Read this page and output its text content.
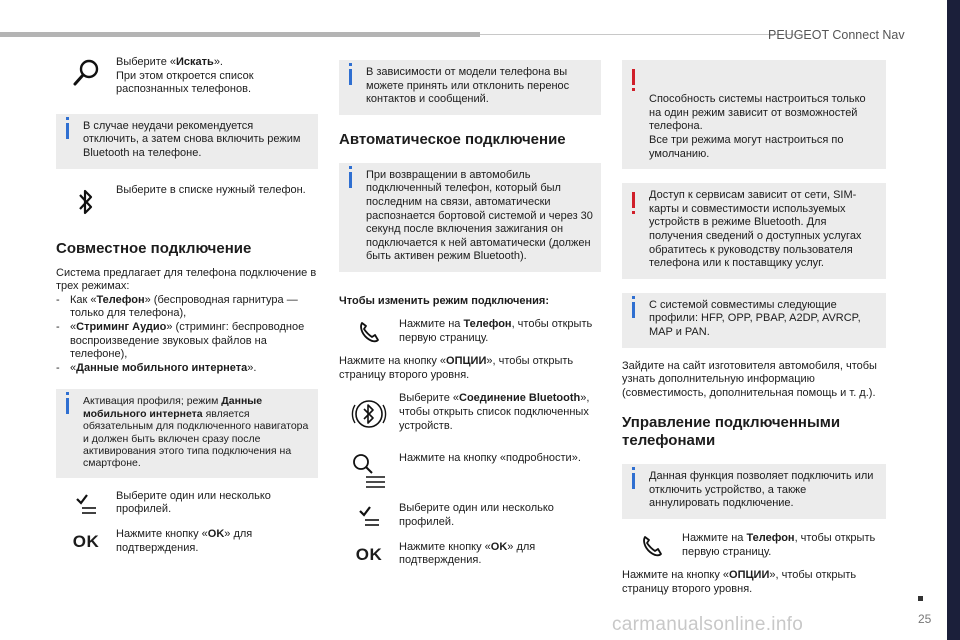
PEUGEOT Connect Nav
25
carmanualsonline.info
Выберите «Искать».
При этом откроется список распознанных телефонов.
В случае неудачи рекомендуется отключить, а затем снова включить режим Bluetooth на телефоне.
Выберите в списке нужный телефон.
Совместное подключение
Система предлагает для телефона подключение в трех режимах:
- Как «Телефон» (беспроводная гарнитура — только для телефона),
- «Стриминг Аудио» (стриминг: беспроводное воспроизведение звуковых файлов на телефоне),
- «Данные мобильного интернета».
Активация профиля; режим Данные мобильного интернета является обязательным для подключенного навигатора и должен быть включен сразу после активирования этого типа подключения на смартфоне.
Выберите один или несколько профилей.
OK Нажмите кнопку «OK» для подтверждения.
В зависимости от модели телефона вы можете принять или отклонить перенос контактов и сообщений.
Автоматическое подключение
При возвращении в автомобиль подключенный телефон, который был последним на связи, автоматически распознается бортовой системой и через 30 секунд после включения зажигания он подключается к ней автоматически (должен быть активен режим Bluetooth).
Чтобы изменить режим подключения:
Нажмите на Телефон, чтобы открыть первую страницу.
Нажмите на кнопку «ОПЦИИ», чтобы открыть страницу второго уровня.
Выберите «Соединение Bluetooth», чтобы открыть список подключенных устройств.
Нажмите на кнопку «подробности».
Выберите один или несколько профилей.
OK Нажмите кнопку «OK» для подтверждения.

Способность системы настроиться только на один режим зависит от возможностей телефона.
Все три режима могут настроиться по умолчанию.

Доступ к сервисам зависит от сети, SIM-карты и совместимости используемых устройств в режиме Bluetooth. Для получения сведений о доступных услугах обратитесь к руководству пользователя телефона или к поставщику услуг.
С системой совместимы следующие профили: HFP, OPP, PBAP, A2DP, AVRCP, MAP и PAN.
Зайдите на сайт изготовителя автомобиля, чтобы узнать дополнительную информацию (совместимость, дополнительная помощь и т. д.).
Управление подключенными телефонами
Данная функция позволяет подключить или отключить устройство, а также аннулировать подключение.
Нажмите на Телефон, чтобы открыть первую страницу.
Нажмите на кнопку «ОПЦИИ», чтобы открыть страницу второго уровня.
